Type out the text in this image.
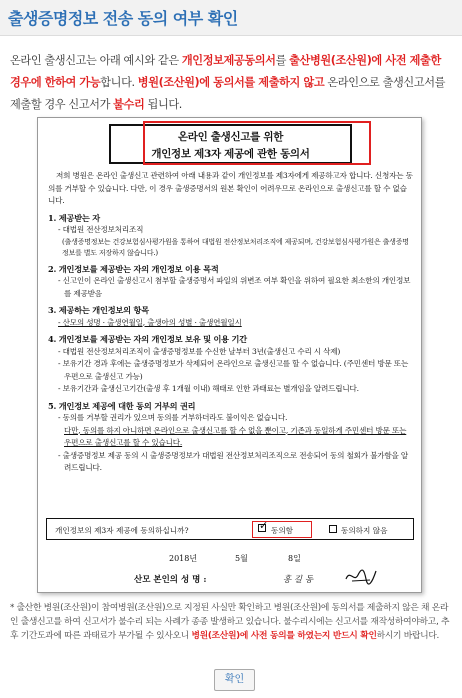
출생증명정보 전송 동의 여부 확인
온라인 출생신고는 아래 예시와 같은 개인정보제공동의서를 출산병원(조산원)에 사전 제출한 경우에 한하여 가능합니다. 병원(조산원)에 동의서를 제출하지 않고 온라인으로 출생신고서를 제출할 경우 신고서가 불수리 됩니다.
온라인 출생신고를 위한
개인정보 제3자 제공에 관한 동의서
저희 병원은 온라인 출생신고 관련하여 아래 내용과 같이 개인정보를 제3자에게 제공하고자 합니다. 신청자는 동의를 거부할 수 있습니다. 다만, 이 경우 출생증명서의 원본 확인이 어려우므로 온라인으로 출생신고를 할 수 없습니다.
1. 제공받는 자
- 대법원 전산정보처리조직
(출생증명정보는 건강보험심사평가원을 통하여 대법원 전산정보처리조직에 제공되며, 건강보험심사평가원은 출생증명정보를 별도 저장하지 않습니다.)
2. 개인정보를 제공받는 자의 개인정보 이용 목적
- 신고인이 온라인 출생신고시 첨부할 출생증명서 파일의 위변조 여부 확인을 위하여 필요한 최소한의 개인정보를 제공받음
3. 제공하는 개인정보의 항목
- 산모의 성명 · 출생연월일, 출생아의 성별 · 출생연월일시
4. 개인정보를 제공받는 자의 개인정보 보유 및 이용 기간
- 대법원 전산정보처리조직이 출생증명정보를 수신한 날부터 3년(출생신고 수리 시 삭제)
- 보유기간 경과 후에는 출생증명정보가 삭제되어 온라인으로 출생신고를 할 수 없습니다. (주민센터 방문 또는 우편으로 출생신고 가능)
- 보유기간과 출생신고기간(출생 후 1개월 이내) 해태로 인한 과태료는 별개임을 알려드립니다.
5. 개인정보 제공에 대한 동의 거부의 권리
- 동의를 거부할 권리가 있으며 동의를 거부하더라도 불이익은 없습니다.
다만, 동의를 하지 아니하면 온라인으로 출생신고를 할 수 없을 뿐이고, 기존과 동일하게 주민센터 방문 또는 우편으로 출생신고를 할 수 있습니다.
- 출생증명정보 제공 동의 시 출생증명정보가 대법원 전산정보처리조직으로 전송되어 동의 철회가 불가함을 알려드립니다.
개인정보의 제3자 제공에 동의하십니까?	✓ 동의함	동의하지 않음
2018년	5월	8일
산모 본인의 성 명 :	홍 길 동
* 출산한 병원(조산원)이 참여병원(조산원)으로 지정된 사실만 확인하고 병원(조산원)에 동의서를 제출하지 않은 채 온라인 출생신고를 하여 신고서가 불수리 되는 사례가 종종 발생하고 있습니다. 불수리시에는 신고서를 재작성하여야하고, 추후 기간도과에 따른 과태료가 부가될 수 있사오니 병원(조산원)에 사전 동의를 하였는지 반드시 확인하시기 바랍니다.
확인
